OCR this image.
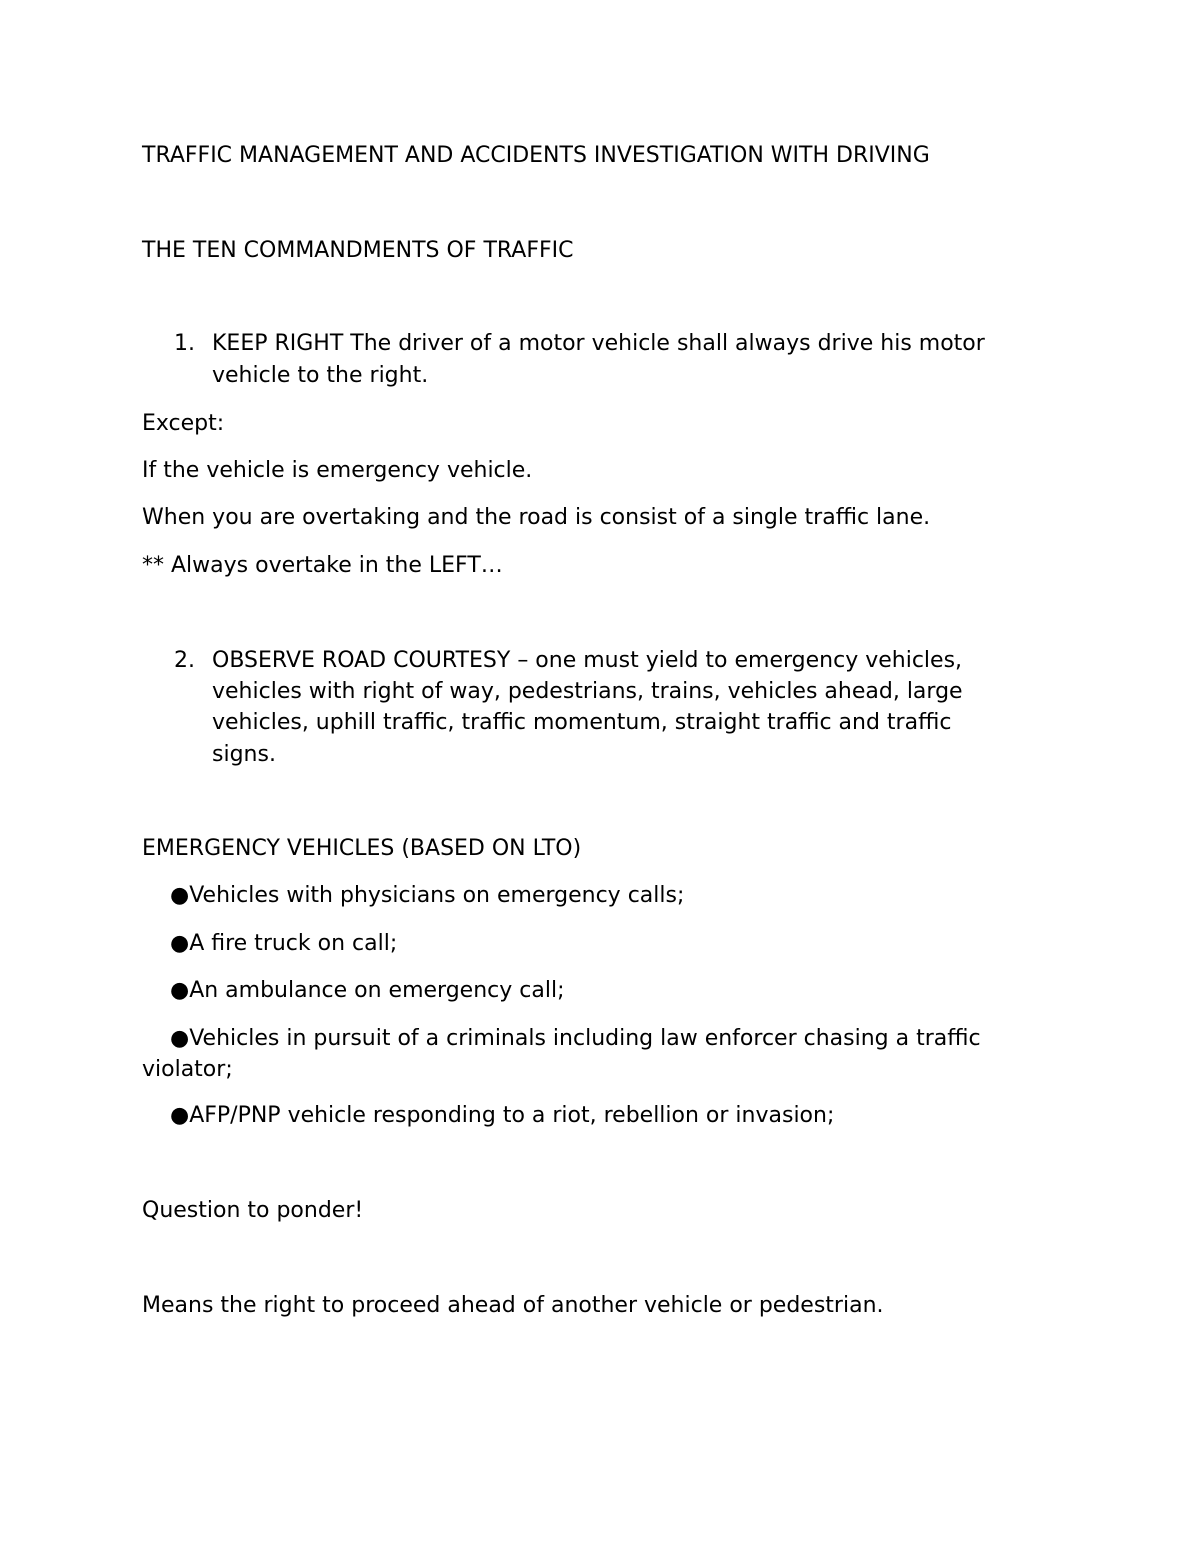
TRAFFIC MANAGEMENT AND ACCIDENTS INVESTIGATION WITH DRIVING
THE TEN COMMANDMENTS OF TRAFFIC
1. KEEP RIGHT The driver of a motor vehicle shall always drive his motor
vehicle to the right.
Except:
If the vehicle is emergency vehicle.
When you are overtaking and the road is consist of a single traffic lane.
** Always overtake in the LEFT…
2. OBSERVE ROAD COURTESY – one must yield to emergency vehicles,
vehicles with right of way, pedestrians, trains, vehicles ahead, large
vehicles, uphill traffic, traffic momentum, straight traffic and traffic
signs.
EMERGENCY VEHICLES (BASED ON LTO)
●Vehicles with physicians on emergency calls;
●A fire truck on call;
●An ambulance on emergency call;
●Vehicles in pursuit of a criminals including law enforcer chasing a traffic
violator;
●AFP/PNP vehicle responding to a riot, rebellion or invasion;
Question to ponder!
Means the right to proceed ahead of another vehicle or pedestrian.
